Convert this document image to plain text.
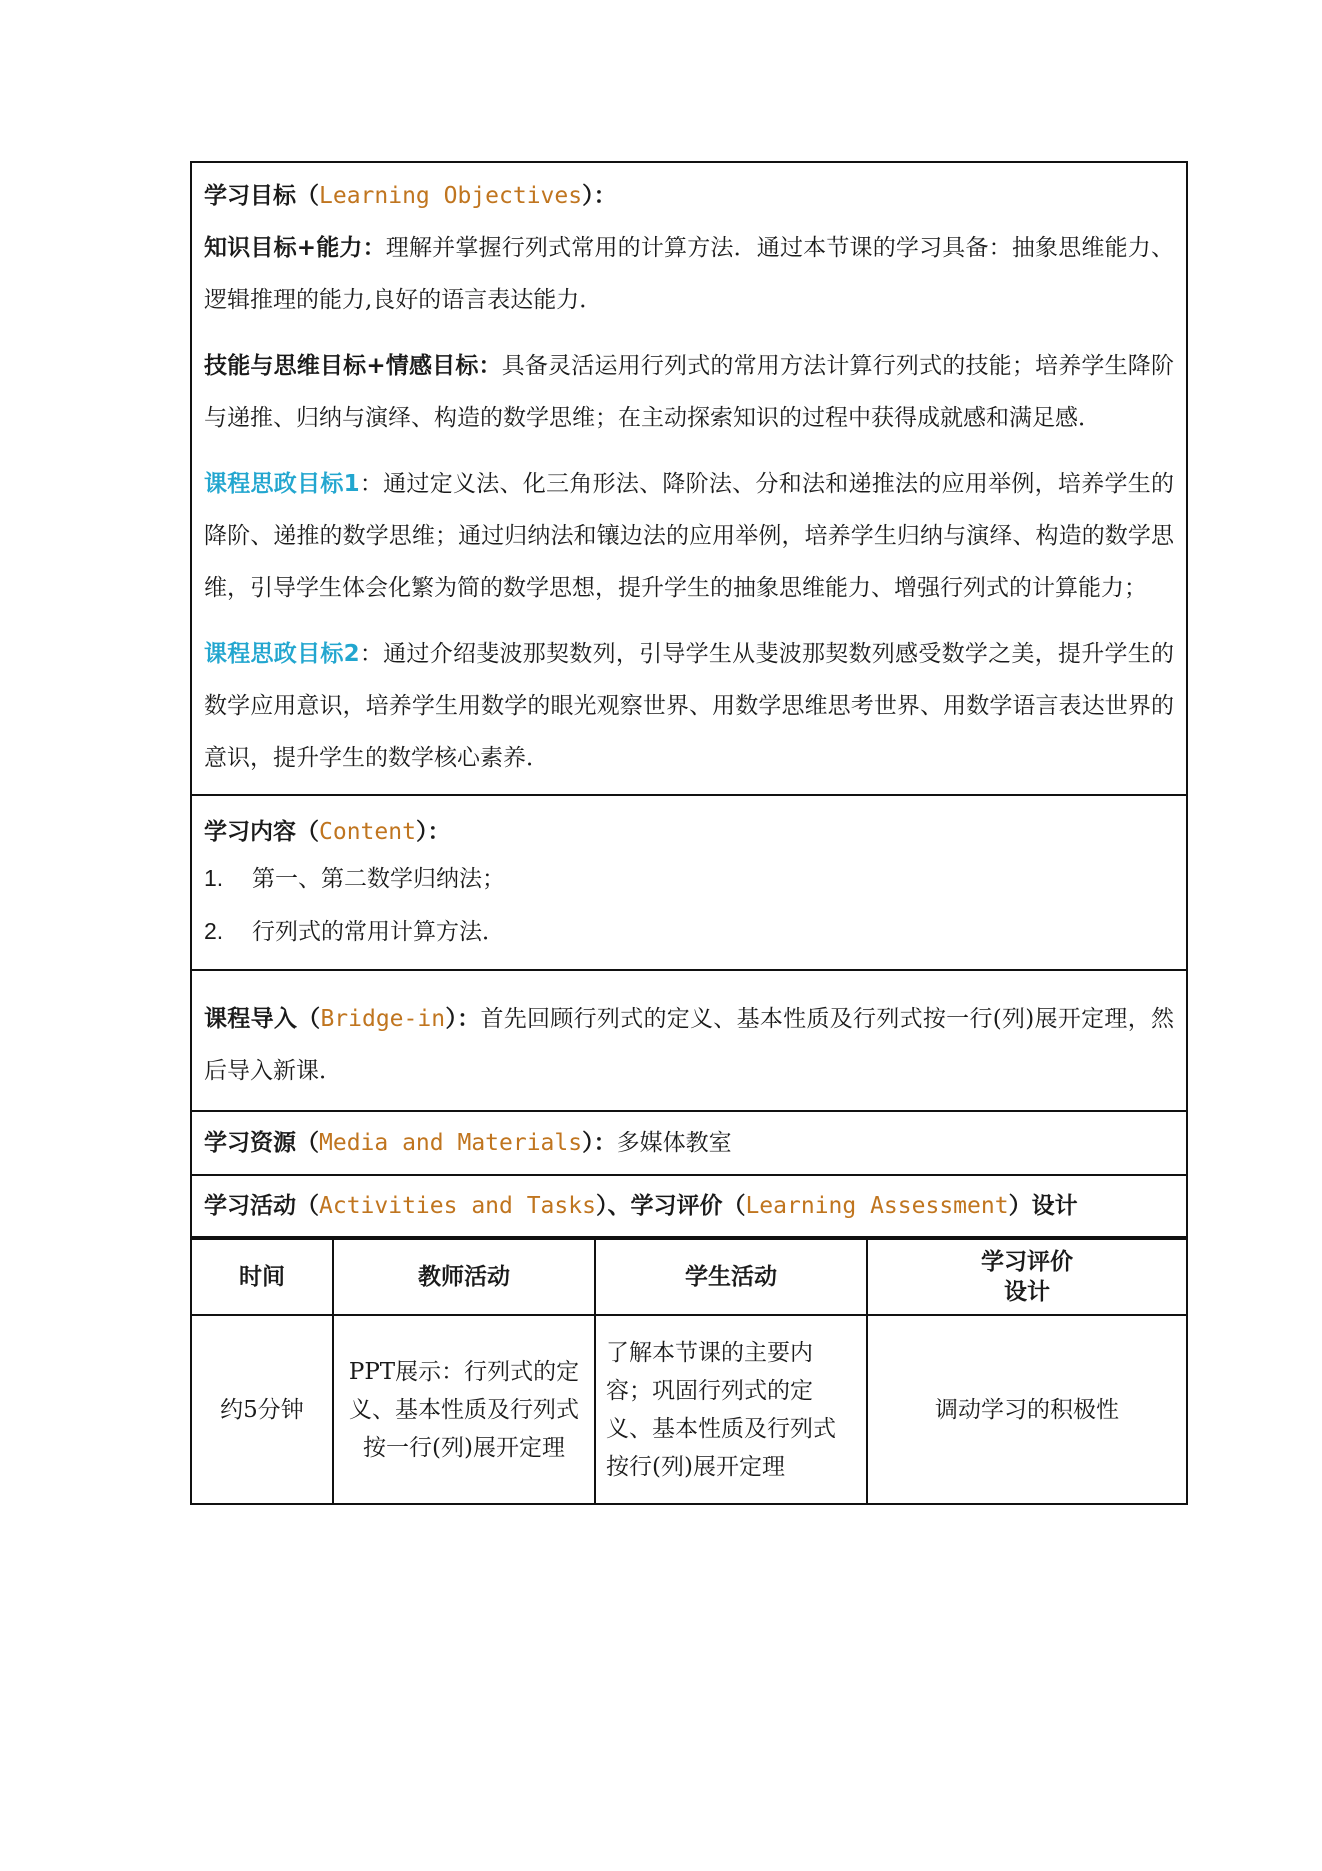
学习目标（Learning Objectives）：

知识目标+能力：理解并掌握行列式常用的计算方法．通过本节课的学习具备：抽象思维能力、逻辑推理的能力,良好的语言表达能力．

技能与思维目标+情感目标：具备灵活运用行列式的常用方法计算行列式的技能；培养学生降阶与递推、归纳与演绎、构造的数学思维；在主动探索知识的过程中获得成就感和满足感．

课程思政目标1：通过定义法、化三角形法、降阶法、分和法和递推法的应用举例，培养学生的降阶、递推的数学思维；通过归纳法和镶边法的应用举例，培养学生归纳与演绎、构造的数学思维，引导学生体会化繁为简的数学思想，提升学生的抽象思维能力、增强行列式的计算能力；

课程思政目标2：通过介绍斐波那契数列，引导学生从斐波那契数列感受数学之美，提升学生的数学应用意识，培养学生用数学的眼光观察世界、用数学思维思考世界、用数学语言表达世界的意识，提升学生的数学核心素养．

学习内容（Content）：
1. 第一、第二数学归纳法；
2. 行列式的常用计算方法．

课程导入（Bridge-in）：首先回顾行列式的定义、基本性质及行列式按一行(列)展开定理，然后导入新课．

学习资源（Media and Materials）：多媒体教室
学习活动（Activities and Tasks）、学习评价（Learning Assessment）设计
时间	教师活动	学生活动	学习评价设计
约5分钟	PPT展示：行列式的定义、基本性质及行列式按一行(列)展开定理	了解本节课的主要内容；巩固行列式的定义、基本性质及行列式按行(列)展开定理	调动学习的积极性
